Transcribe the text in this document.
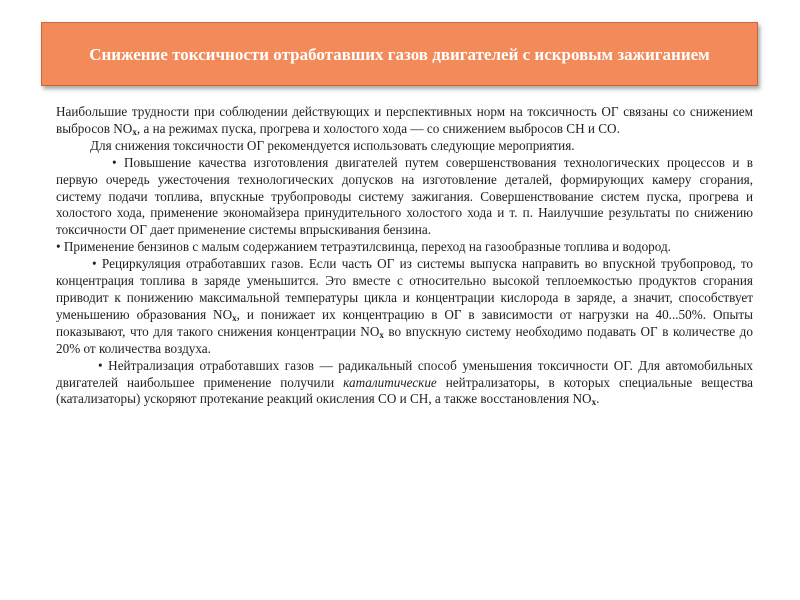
Снижение токсичности отработавших газов двигателей с искровым зажиганием

Наибольшие трудности при соблюдении действующих и перспективных норм на токсичность ОГ связаны со снижением выбросов $NO_x$, а на режимах пуска, прогрева и холостого хода — со снижением выбросов СН и СО.

Для снижения токсичности ОГ рекомендуется использовать следующие мероприятия.

• Повышение качества изготовления двигателей путем совершенствования технологических процессов и в первую очередь ужесточения технологических допусков на изготовление деталей, формирующих камеру сгорания, систему подачи топлива, впускные трубопроводы систему зажигания. Совершенствование систем пуска, прогрева и холостого хода, применение экономайзера принудительного холостого хода и т. п. Наилучшие результаты по снижению токсичности ОГ дает применение системы впрыскивания бензина.

• Применение бензинов с малым содержанием тетраэтилсвинца, переход на газообразные топлива и водород.

• Рециркуляция отработавших газов. Если часть ОГ из системы выпуска направить во впускной трубопровод, то концентрация топлива в заряде уменьшится. Это вместе с относительно высокой теплоемкостью продуктов сгорания приводит к понижению максимальной температуры цикла и концентрации кислорода в заряде, а значит, способствует уменьшению образования $NO_x$, и понижает их концентрацию в ОГ в зависимости от нагрузки на 40...50%. Опыты показывают, что для такого снижения концентрации $NO_x$ во впускную систему необходимо подавать ОГ в количестве до 20% от количества воздуха.

• Нейтрализация отработавших газов — радикальный способ уменьшения токсичности ОГ. Для автомобильных двигателей наибольшее применение получили каталитические нейтрализаторы, в которых специальные вещества (катализаторы) ускоряют протекание реакций окисления СО и СН, а также восстановления $NO_x$.
